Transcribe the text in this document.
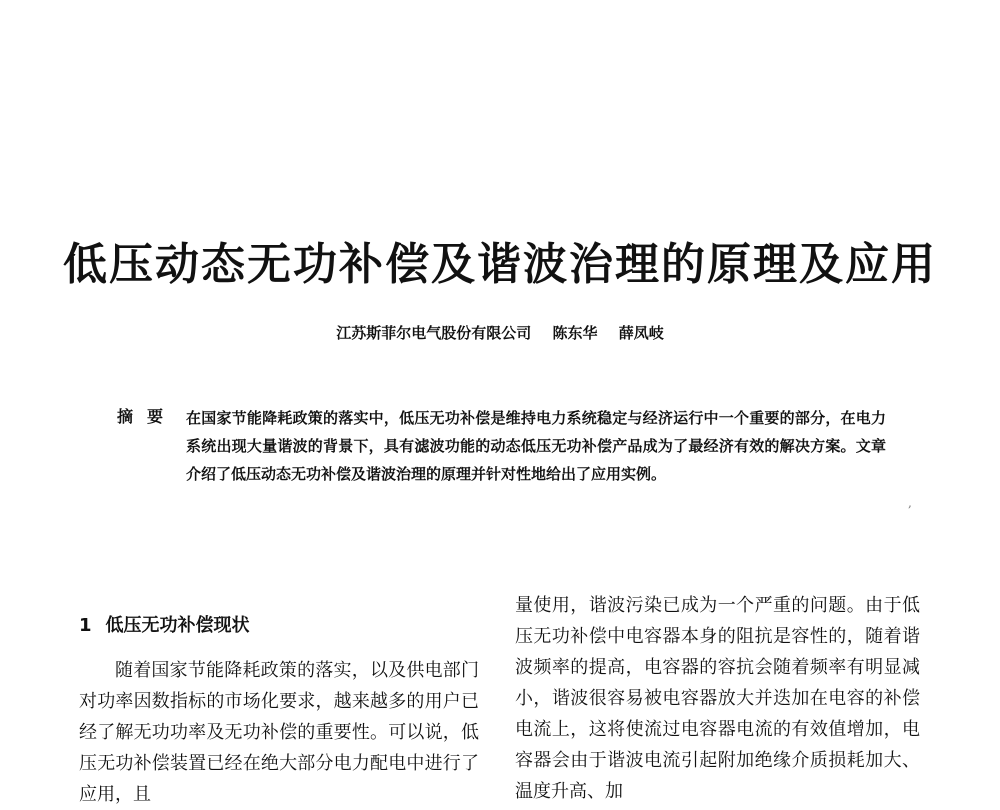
低压动态无功补偿及谐波治理的原理及应用
江苏斯菲尔电气股份有限公司 陈东华 薛凤岐
摘要 在国家节能降耗政策的落实中，低压无功补偿是维持电力系统稳定与经济运行中一个重要的部分，在电力系统出现大量谐波的背景下，具有滤波功能的动态低压无功补偿产品成为了最经济有效的解决方案。文章介绍了低压动态无功补偿及谐波治理的原理并针对性地给出了应用实例。
,
1 低压无功补偿现状

随着国家节能降耗政策的落实，以及供电部门对功率因数指标的市场化要求，越来越多的用户已经了解无功功率及无功补偿的重要性。可以说，低压无功补偿装置已经在绝大部分电力配电中进行了应用，且

量使用，谐波污染已成为一个严重的问题。由于低压无功补偿中电容器本身的阻抗是容性的，随着谐波频率的提高，电容器的容抗会随着频率有明显减小，谐波很容易被电容器放大并迭加在电容的补偿电流上，这将使流过电容器电流的有效值增加，电容器会由于谐波电流引起附加绝缘介质损耗加大、温度升高、加
